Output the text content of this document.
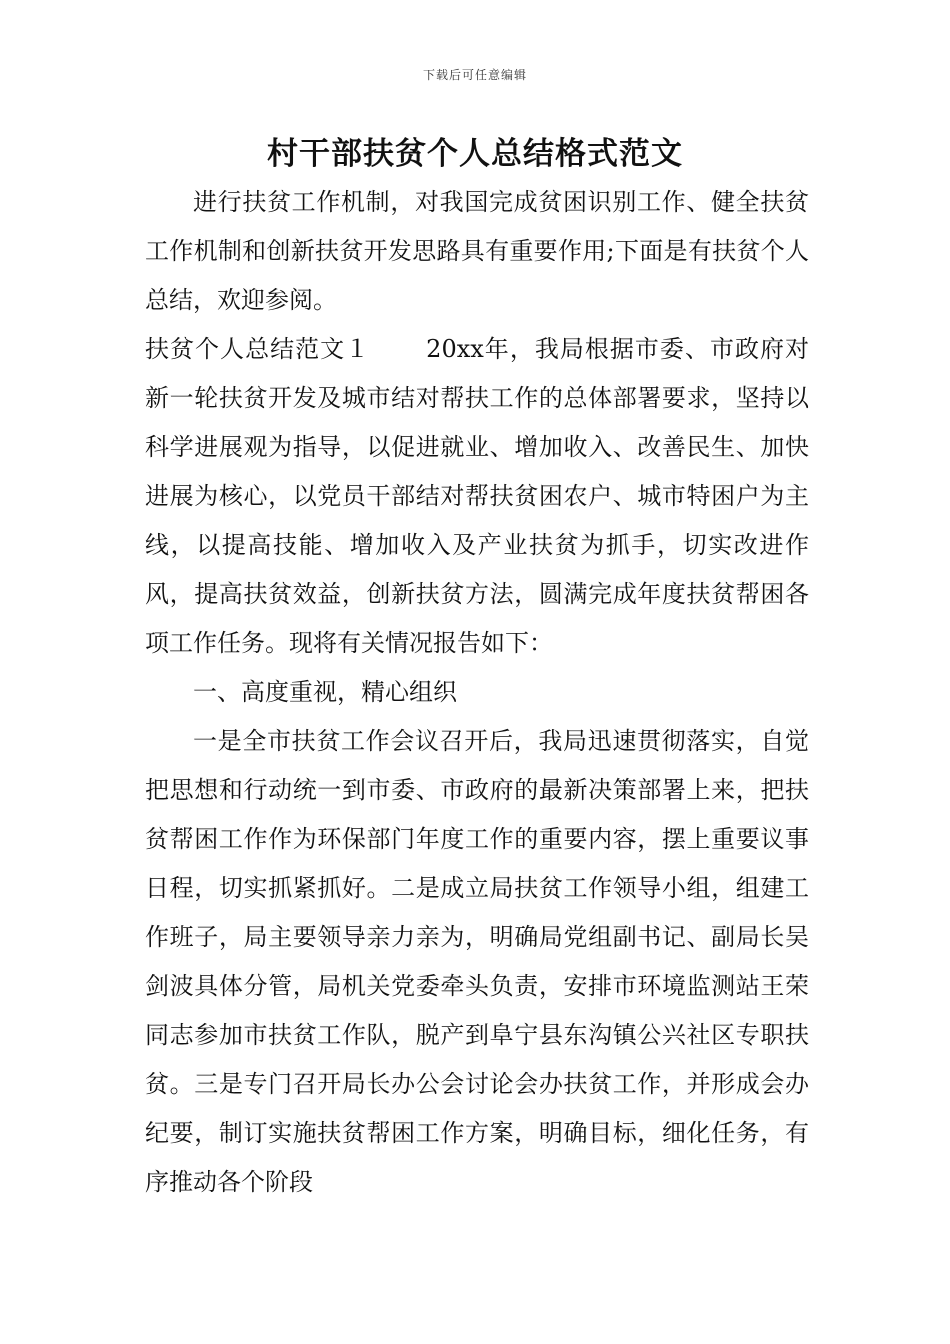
下载后可任意编辑
村干部扶贫个人总结格式范文

进行扶贫工作机制，对我国完成贫困识别工作、健全扶贫工作机制和创新扶贫开发思路具有重要作用;下面是有扶贫个人总结，欢迎参阅。

扶贫个人总结范文１ 20xx年，我局根据市委、市政府对新一轮扶贫开发及城市结对帮扶工作的总体部署要求，坚持以科学进展观为指导，以促进就业、增加收入、改善民生、加快进展为核心，以党员干部结对帮扶贫困农户、城市特困户为主线，以提高技能、增加收入及产业扶贫为抓手，切实改进作风，提高扶贫效益，创新扶贫方法，圆满完成年度扶贫帮困各项工作任务。现将有关情况报告如下：

一、高度重视，精心组织

一是全市扶贫工作会议召开后，我局迅速贯彻落实，自觉把思想和行动统一到市委、市政府的最新决策部署上来，把扶贫帮困工作作为环保部门年度工作的重要内容，摆上重要议事日程，切实抓紧抓好。二是成立局扶贫工作领导小组，组建工作班子，局主要领导亲力亲为，明确局党组副书记、副局长吴剑波具体分管，局机关党委牵头负责，安排市环境监测站王荣同志参加市扶贫工作队，脱产到阜宁县东沟镇公兴社区专职扶贫。三是专门召开局长办公会讨论会办扶贫工作，并形成会办纪要，制订实施扶贫帮困工作方案，明确目标，细化任务，有序推动各个阶段
